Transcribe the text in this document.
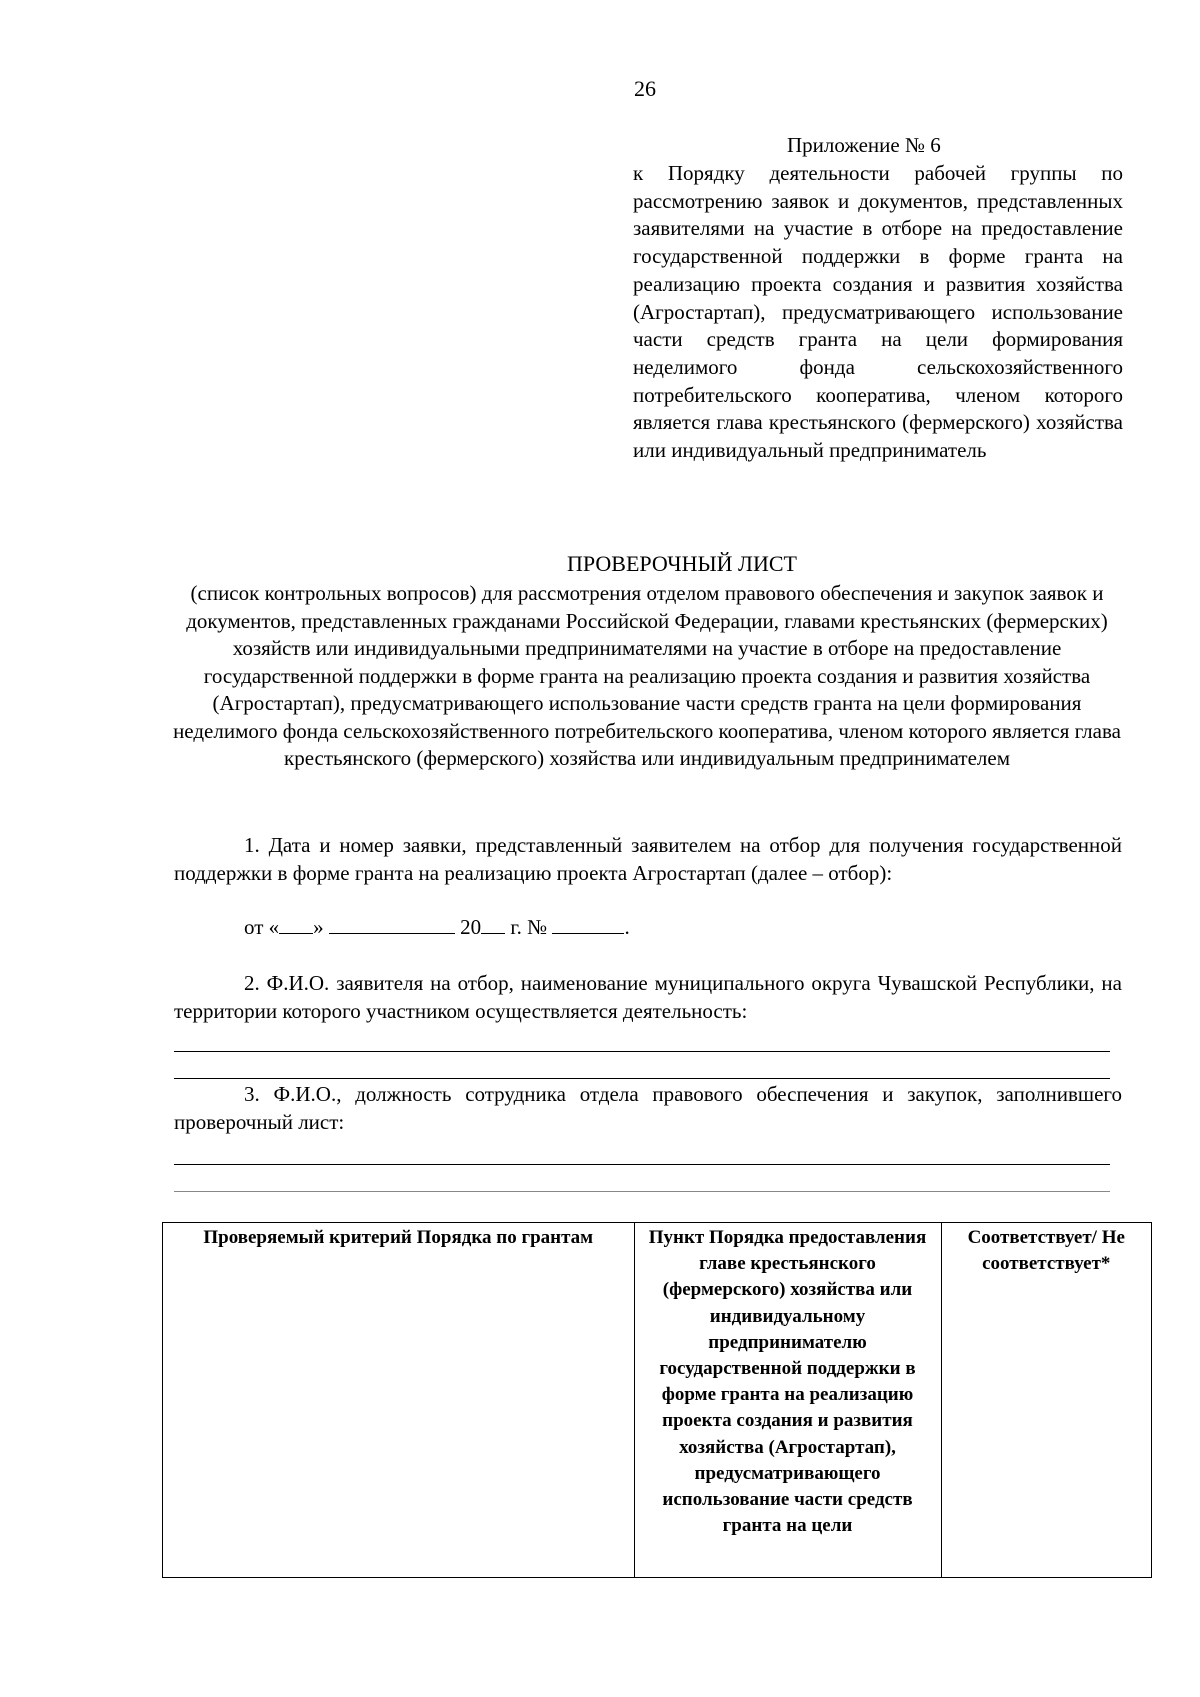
26
Приложение № 6
к Порядку деятельности рабочей группы по рассмотрению заявок и документов, представленных заявителями на участие в отборе на предоставление государственной поддержки в форме гранта на реализацию проекта создания и развития хозяйства (Агростартап), предусматривающего использование части средств гранта на цели формирования неделимого фонда сельскохозяйственного потребительского кооператива, членом которого является глава крестьянского (фермерского) хозяйства или индивидуальный предприниматель
ПРОВЕРОЧНЫЙ ЛИСТ
(список контрольных вопросов) для рассмотрения отделом правового обеспечения и закупок заявок и документов, представленных гражданами Российской Федерации, главами крестьянских (фермерских) хозяйств или индивидуальными предпринимателями на участие в отборе на предоставление государственной поддержки в форме гранта на реализацию проекта создания и развития хозяйства (Агростартап), предусматривающего использование части средств гранта на цели формирования неделимого фонда сельскохозяйственного потребительского кооператива, членом которого является глава крестьянского (фермерского) хозяйства или индивидуальным предпринимателем
1. Дата и номер заявки, представленный заявителем на отбор для получения государственной поддержки в форме гранта на реализацию проекта Агростартап (далее – отбор):
от « »	20 г. №	.
2. Ф.И.О. заявителя на отбор, наименование муниципального округа Чувашской Республики, на территории которого участником осуществляется деятельность:
3. Ф.И.О., должность сотрудника отдела правового обеспечения и закупок, заполнившего проверочный лист:
Проверяемый критерий Порядка по грантам	Пункт Порядка предоставления главе крестьянского (фермерского) хозяйства или индивидуальному предпринимателю государственной поддержки в форме гранта на реализацию проекта создания и развития хозяйства (Агростартап), предусматривающего использование части средств гранта на цели	Соответствует/ Не соответствует*
